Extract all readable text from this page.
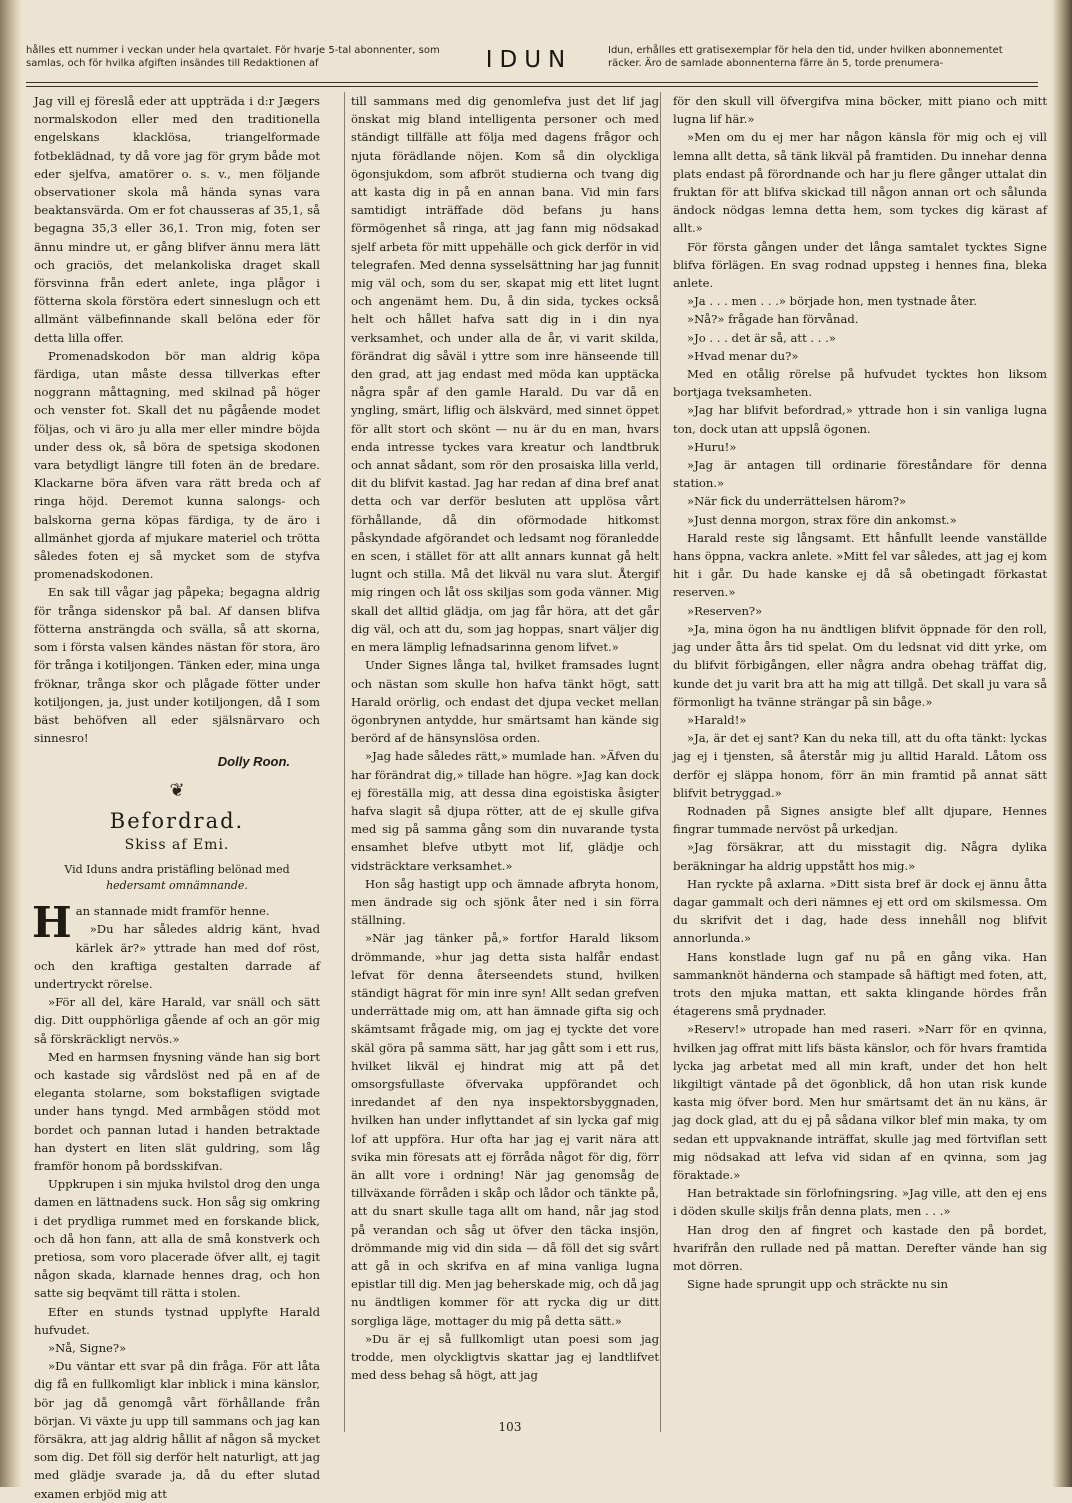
hålles ett nummer i veckan under hela qvartalet. För hvarje 5-tal abonnenter, som samlas, och för hvilka afgiften insändes till Redaktionen af	IDUN	Idun, erhålles ett gratisexemplar för hela den tid, under hvilken abonnementet räcker. Äro de samlade abonnenterna färre än 5, torde prenumera-

Jag vill ej föreslå eder att uppträda i d:r Jægers normalskodon eller med den traditionella engelskans klacklösa, triangelformade fotbeklädnad, ty då vore jag för grym både mot eder sjelfva, amatörer o. s. v., men följande observationer skola må hända synas vara beaktansvärda. Om er fot chausseras af 35,1, så begagna 35,3 eller 36,1. Tron mig, foten ser ännu mindre ut, er gång blifver ännu mera lätt och graciös, det melankoliska draget skall försvinna från edert anlete, inga plågor i fötterna skola förstöra edert sinneslugn och ett allmänt välbefinnande skall belöna eder för detta lilla offer.

Promenadskodon bör man aldrig köpa färdiga, utan måste dessa tillverkas efter noggrann måttagning, med skilnad på höger och venster fot. Skall det nu pågående modet följas, och vi äro ju alla mer eller mindre böjda under dess ok, så böra de spetsiga skodonen vara betydligt längre till foten än de bredare. Klackarne böra äfven vara rätt breda och af ringa höjd. Deremot kunna salongs- och balskorna gerna köpas färdiga, ty de äro i allmänhet gjorda af mjukare materiel och trötta således foten ej så mycket som de styfva promenadskodonen.

En sak till vågar jag påpeka; begagna aldrig för trånga sidenskor på bal. Af dansen blifva fötterna ansträngda och svälla, så att skorna, som i första valsen kändes nästan för stora, äro för trånga i kotiljongen. Tänken eder, mina unga fröknar, trånga skor och plågade fötter under kotiljongen, ja, just under kotiljongen, då I som bäst behöfven all eder själsnärvaro och sinnesro!

Dolly Roon.
❦
Befordrad.
Skiss af Emi.
Vid Iduns andra pristäfling belönad med
hedersamt omnämnande.

Han stannade midt framför henne.

»Du har således aldrig känt, hvad kärlek är?» yttrade han med dof röst, och den kraftiga gestalten darrade af undertryckt rörelse.

»För all del, käre Harald, var snäll och sätt dig. Ditt oupphörliga gående af och an gör mig så förskräckligt nervös.»

Med en harmsen fnysning vände han sig bort och kastade sig vårdslöst ned på en af de eleganta stolarne, som bokstafligen svigtade under hans tyngd. Med armbågen stödd mot bordet och pannan lutad i handen betraktade han dystert en liten slät guldring, som låg framför honom på bordsskifvan.

Uppkrupen i sin mjuka hvilstol drog den unga damen en lättnadens suck. Hon såg sig omkring i det prydliga rummet med en forskande blick, och då hon fann, att alla de små konstverk och pretiosa, som voro placerade öfver allt, ej tagit någon skada, klarnade hennes drag, och hon satte sig beqvämt till rätta i stolen.

Efter en stunds tystnad upplyfte Harald hufvudet.

»Nå, Signe?»

»Du väntar ett svar på din fråga. För att låta dig få en fullkomligt klar inblick i mina känslor, bör jag då genomgå vårt förhållande från början. Vi växte ju upp till sammans och jag kan försäkra, att jag aldrig hållit af någon så mycket som dig. Det föll sig derför helt naturligt, att jag med glädje svarade ja, då du efter slutad examen erbjöd mig att

till sammans med dig genomlefva just det lif jag önskat mig bland intelligenta personer och med ständigt tillfälle att följa med dagens frågor och njuta förädlande nöjen. Kom så din olyckliga ögonsjukdom, som afbröt studierna och tvang dig att kasta dig in på en annan bana. Vid min fars samtidigt inträffade död befans ju hans förmögenhet så ringa, att jag fann mig nödsakad sjelf arbeta för mitt uppehälle och gick derför in vid telegrafen. Med denna sysselsättning har jag funnit mig väl och, som du ser, skapat mig ett litet lugnt och angenämt hem. Du, å din sida, tyckes också helt och hållet hafva satt dig in i din nya verksamhet, och under alla de år, vi varit skilda, förändrat dig såväl i yttre som inre hänseende till den grad, att jag endast med möda kan upptäcka några spår af den gamle Harald. Du var då en yngling, smärt, liflig och älskvärd, med sinnet öppet för allt stort och skönt — nu är du en man, hvars enda intresse tyckes vara kreatur och landtbruk och annat sådant, som rör den prosaiska lilla verld, dit du blifvit kastad. Jag har redan af dina bref anat detta och var derför besluten att upplösa vårt förhållande, då din oförmodade hitkomst påskyndade afgörandet och ledsamt nog föranledde en scen, i stället för att allt annars kunnat gå helt lugnt och stilla. Må det likväl nu vara slut. Återgif mig ringen och låt oss skiljas som goda vänner. Mig skall det alltid glädja, om jag får höra, att det går dig väl, och att du, som jag hoppas, snart väljer dig en mera lämplig lefnadsarinna genom lifvet.»

Under Signes långa tal, hvilket framsades lugnt och nästan som skulle hon hafva tänkt högt, satt Harald orörlig, och endast det djupa vecket mellan ögonbrynen antydde, hur smärtsamt han kände sig berörd af de hänsynslösa orden.

»Jag hade således rätt,» mumlade han. »Äfven du har förändrat dig,» tillade han högre. »Jag kan dock ej föreställa mig, att dessa dina egoistiska åsigter hafva slagit så djupa rötter, att de ej skulle gifva med sig på samma gång som din nuvarande tysta ensamhet blefve utbytt mot lif, glädje och vidsträcktare verksamhet.»

Hon såg hastigt upp och ämnade afbryta honom, men ändrade sig och sjönk åter ned i sin förra ställning.

»När jag tänker på,» fortfor Harald liksom drömmande, »hur jag detta sista halfår endast lefvat för denna återseendets stund, hvilken ständigt hägrat för min inre syn! Allt sedan grefven underrättade mig om, att han ämnade gifta sig och skämtsamt frågade mig, om jag ej tyckte det vore skäl göra på samma sätt, har jag gått som i ett rus, hvilket likväl ej hindrat mig att på det omsorgsfullaste öfvervaka uppförandet och inredandet af den nya inspektorsbyggnaden, hvilken han under inflyttandet af sin lycka gaf mig lof att uppföra. Hur ofta har jag ej varit nära att svika min föresats att ej förråda något för dig, förr än allt vore i ordning! När jag genomsåg de tillväxande förråden i skåp och lådor och tänkte på, att du snart skulle taga allt om hand, når jag stod på verandan och såg ut öfver den täcka insjön, drömmande mig vid din sida — då föll det sig svårt att gå in och skrifva en af mina vanliga lugna epistlar till dig. Men jag beherskade mig, och då jag nu ändtligen kommer för att rycka dig ur ditt sorgliga läge, mottager du mig på detta sätt.»

»Du är ej så fullkomligt utan poesi som jag trodde, men olyckligtvis skattar jag ej landtlifvet med dess behag så högt, att jag

för den skull vill öfvergifva mina böcker, mitt piano och mitt lugna lif här.»

»Men om du ej mer har någon känsla för mig och ej vill lemna allt detta, så tänk likväl på framtiden. Du innehar denna plats endast på förordnande och har ju flere gånger uttalat din fruktan för att blifva skickad till någon annan ort och sålunda ändock nödgas lemna detta hem, som tyckes dig kärast af allt.»

För första gången under det långa samtalet tycktes Signe blifva förlägen. En svag rodnad uppsteg i hennes fina, bleka anlete.

»Ja . . . men . . .» började hon, men tystnade åter.

»Nå?» frågade han förvånad.

»Jo . . . det är så, att . . .»

»Hvad menar du?»

Med en otålig rörelse på hufvudet tycktes hon liksom bortjaga tveksamheten.

»Jag har blifvit befordrad,» yttrade hon i sin vanliga lugna ton, dock utan att uppslå ögonen.

»Huru!»

»Jag är antagen till ordinarie föreståndare för denna station.»

»När fick du underrättelsen härom?»

»Just denna morgon, strax före din ankomst.»

Harald reste sig långsamt. Ett hånfullt leende vanställde hans öppna, vackra anlete. »Mitt fel var således, att jag ej kom hit i går. Du hade kanske ej då så obetingadt förkastat reserven.»

»Reserven?»

»Ja, mina ögon ha nu ändtligen blifvit öppnade för den roll, jag under åtta års tid spelat. Om du ledsnat vid ditt yrke, om du blifvit förbigången, eller några andra obehag träffat dig, kunde det ju varit bra att ha mig att tillgå. Det skall ju vara så förmonligt ha tvänne strängar på sin båge.»

»Harald!»

»Ja, är det ej sant? Kan du neka till, att du ofta tänkt: lyckas jag ej i tjensten, så återstår mig ju alltid Harald. Låtom oss derför ej släppa honom, förr än min framtid på annat sätt blifvit betryggad.»

Rodnaden på Signes ansigte blef allt djupare, Hennes fingrar tummade nervöst på urkedjan.

»Jag försäkrar, att du misstagit dig. Några dylika beräkningar ha aldrig uppstått hos mig.»

Han ryckte på axlarna. »Ditt sista bref är dock ej ännu åtta dagar gammalt och deri nämnes ej ett ord om skilsmessa. Om du skrifvit det i dag, hade dess innehåll nog blifvit annorlunda.»

Hans konstlade lugn gaf nu på en gång vika. Han sammanknöt händerna och stampade så häftigt med foten, att, trots den mjuka mattan, ett sakta klingande hördes från étagerens små prydnader.

»Reserv!» utropade han med raseri. »Narr för en qvinna, hvilken jag offrat mitt lifs bästa känslor, och för hvars framtida lycka jag arbetat med all min kraft, under det hon helt likgiltigt väntade på det ögonblick, då hon utan risk kunde kasta mig öfver bord. Men hur smärtsamt det än nu käns, är jag dock glad, att du ej på sådana vilkor blef min maka, ty om sedan ett uppvaknande inträffat, skulle jag med förtviflan sett mig nödsakad att lefva vid sidan af en qvinna, som jag föraktade.»

Han betraktade sin förlofningsring. »Jag ville, att den ej ens i döden skulle skiljs från denna plats, men . . .»

Han drog den af fingret och kastade den på bordet, hvarifrån den rullade ned på mattan. Derefter vände han sig mot dörren.

Signe hade sprungit upp och sträckte nu sin

103
